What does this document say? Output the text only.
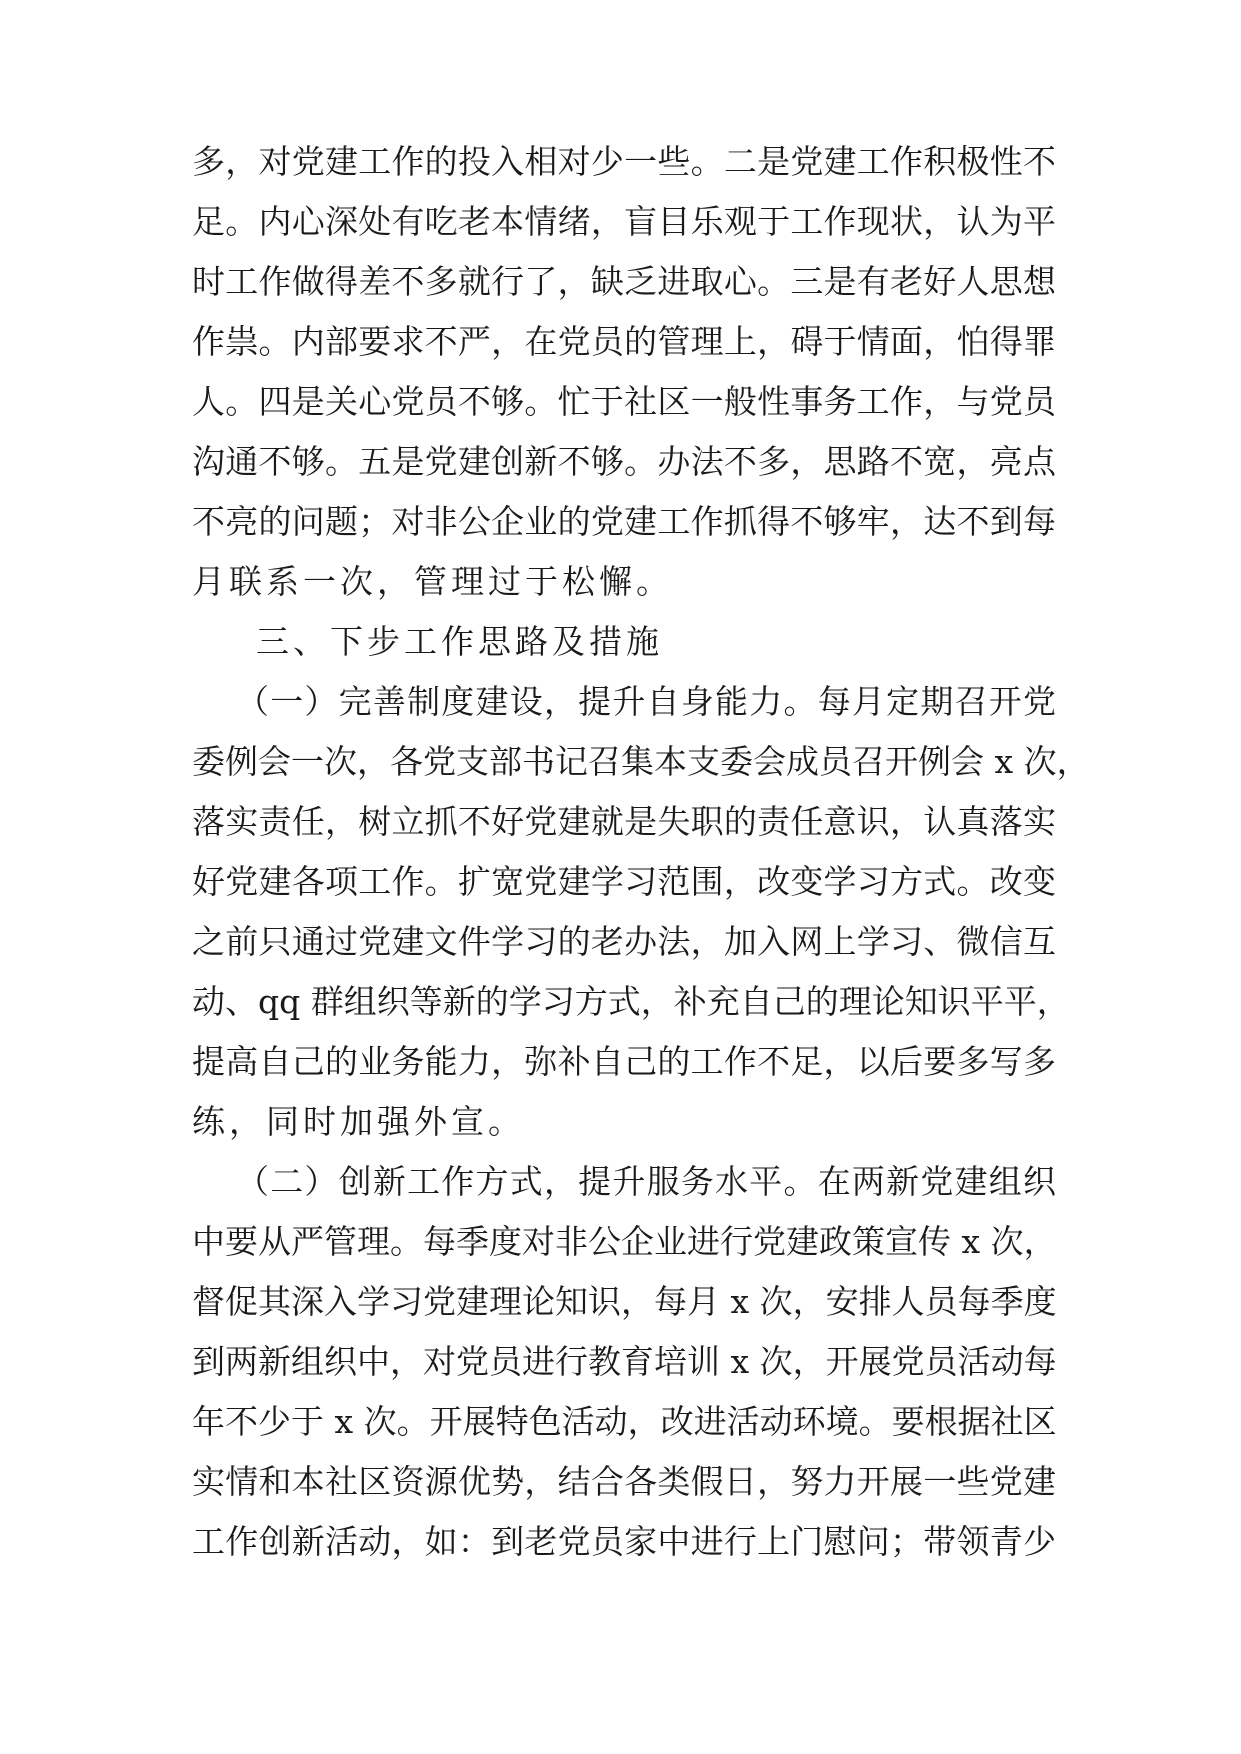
多，对党建工作的投入相对少一些。二是党建工作积极性不
足。内心深处有吃老本情绪，盲目乐观于工作现状，认为平
时工作做得差不多就行了，缺乏进取心。三是有老好人思想
作祟。内部要求不严，在党员的管理上，碍于情面，怕得罪
人。四是关心党员不够。忙于社区一般性事务工作，与党员
沟通不够。五是党建创新不够。办法不多，思路不宽，亮点
不亮的问题；对非公企业的党建工作抓得不够牢，达不到每
月联系一次，管理过于松懈。
三、下步工作思路及措施
（一）完善制度建设，提升自身能力。每月定期召开党
委例会一次，各党支部书记召集本支委会成员召开例会 x 次，
落实责任，树立抓不好党建就是失职的责任意识，认真落实
好党建各项工作。扩宽党建学习范围，改变学习方式。改变
之前只通过党建文件学习的老办法，加入网上学习、微信互
动、qq 群组织等新的学习方式，补充自己的理论知识平平，
提高自己的业务能力，弥补自己的工作不足，以后要多写多
练，同时加强外宣。
（二）创新工作方式，提升服务水平。在两新党建组织
中要从严管理。每季度对非公企业进行党建政策宣传 x 次，
督促其深入学习党建理论知识，每月 x 次，安排人员每季度
到两新组织中，对党员进行教育培训 x 次，开展党员活动每
年不少于 x 次。开展特色活动，改进活动环境。要根据社区
实情和本社区资源优势，结合各类假日，努力开展一些党建
工作创新活动，如：到老党员家中进行上门慰问；带领青少
